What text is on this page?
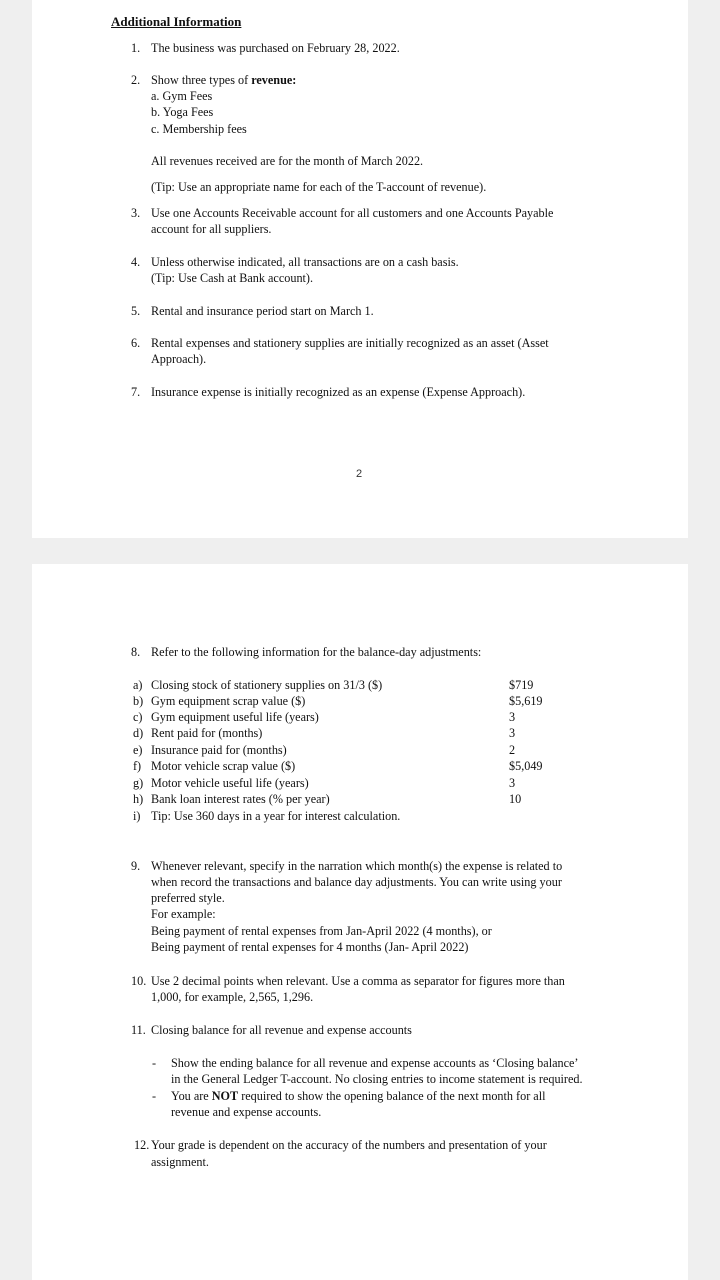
Additional Information
1. The business was purchased on February 28, 2022.
2. Show three types of revenue:
a. Gym Fees
b. Yoga Fees
c. Membership fees
All revenues received are for the month of March 2022.
(Tip: Use an appropriate name for each of the T-account of revenue).
3. Use one Accounts Receivable account for all customers and one Accounts Payable
account for all suppliers.
4. Unless otherwise indicated, all transactions are on a cash basis.
(Tip: Use Cash at Bank account).
5. Rental and insurance period start on March 1.
6. Rental expenses and stationery supplies are initially recognized as an asset (Asset
Approach).
7. Insurance expense is initially recognized as an expense (Expense Approach).
2
8. Refer to the following information for the balance-day adjustments:
a) Closing stock of stationery supplies on 31/3 ($)	$719
b) Gym equipment scrap value ($)	$5,619
c) Gym equipment useful life (years)	3
d) Rent paid for (months)	3
e) Insurance paid for (months)	2
f) Motor vehicle scrap value ($)	$5,049
g) Motor vehicle useful life (years)	3
h) Bank loan interest rates (% per year)	10
i) Tip: Use 360 days in a year for interest calculation.
9. Whenever relevant, specify in the narration which month(s) the expense is related to
when record the transactions and balance day adjustments. You can write using your
preferred style.
For example:
Being payment of rental expenses from Jan-April 2022 (4 months), or
Being payment of rental expenses for 4 months (Jan- April 2022)
10. Use 2 decimal points when relevant. Use a comma as separator for figures more than
1,000, for example, 2,565, 1,296.
11. Closing balance for all revenue and expense accounts
- Show the ending balance for all revenue and expense accounts as ‘Closing balance’
in the General Ledger T-account. No closing entries to income statement is required.
- You are NOT required to show the opening balance of the next month for all
revenue and expense accounts.
12. Your grade is dependent on the accuracy of the numbers and presentation of your
assignment.
